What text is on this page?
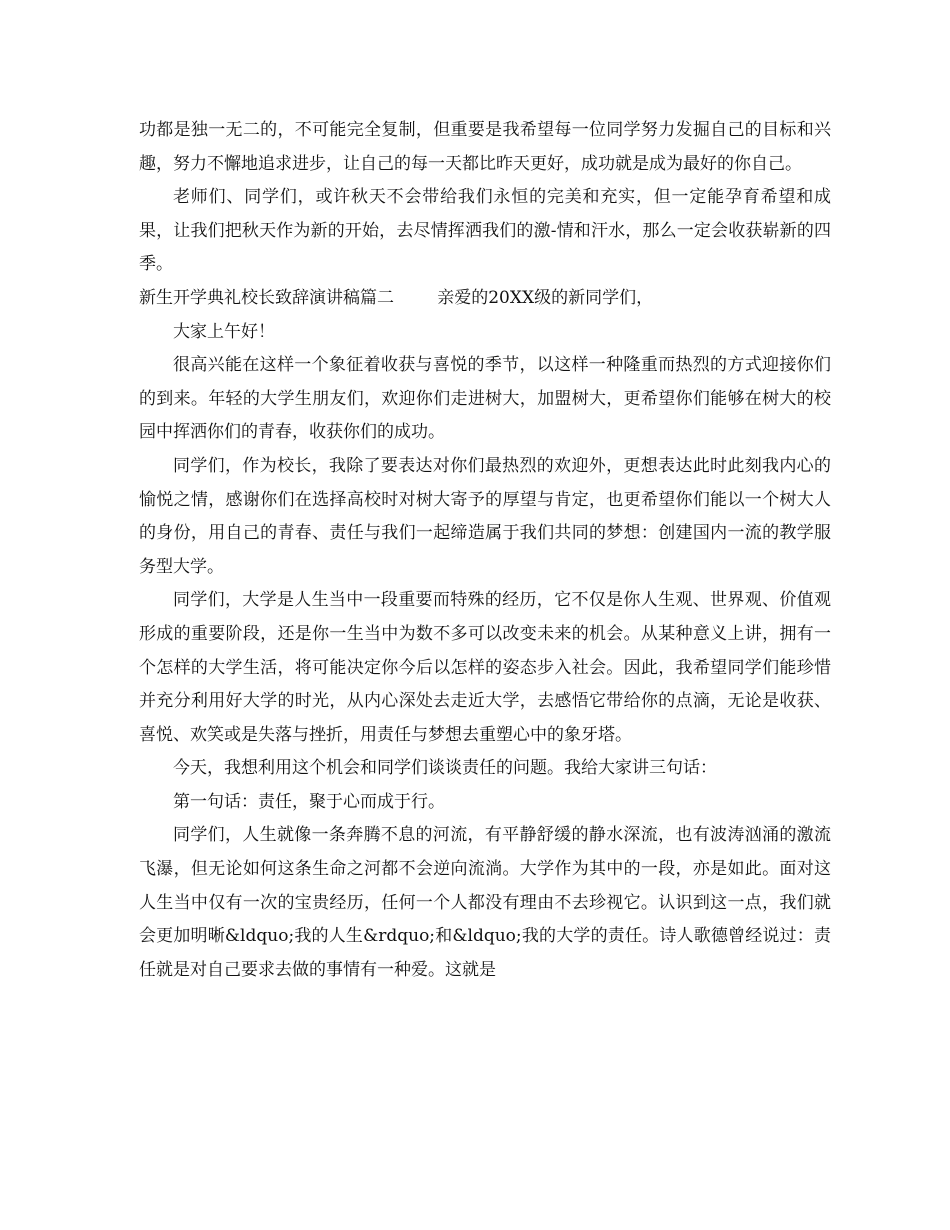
功都是独一无二的，不可能完全复制，但重要是我希望每一位同学努力发掘自己的目标和兴趣，努力不懈地追求进步，让自己的每一天都比昨天更好，成功就是成为最好的你自己。

老师们、同学们，或许秋天不会带给我们永恒的完美和充实，但一定能孕育希望和成果，让我们把秋天作为新的开始，去尽情挥洒我们的激-情和汗水，那么一定会收获崭新的四季。

新生开学典礼校长致辞演讲稿篇二	亲爱的20XX级的新同学们，

大家上午好！

很高兴能在这样一个象征着收获与喜悦的季节，以这样一种隆重而热烈的方式迎接你们的到来。年轻的大学生朋友们，欢迎你们走进树大，加盟树大，更希望你们能够在树大的校园中挥洒你们的青春，收获你们的成功。

同学们，作为校长，我除了要表达对你们最热烈的欢迎外，更想表达此时此刻我内心的愉悦之情，感谢你们在选择高校时对树大寄予的厚望与肯定，也更希望你们能以一个树大人的身份，用自己的青春、责任与我们一起缔造属于我们共同的梦想：创建国内一流的教学服务型大学。

同学们，大学是人生当中一段重要而特殊的经历，它不仅是你人生观、世界观、价值观形成的重要阶段，还是你一生当中为数不多可以改变未来的机会。从某种意义上讲，拥有一个怎样的大学生活，将可能决定你今后以怎样的姿态步入社会。因此，我希望同学们能珍惜并充分利用好大学的时光，从内心深处去走近大学，去感悟它带给你的点滴，无论是收获、喜悦、欢笑或是失落与挫折，用责任与梦想去重塑心中的象牙塔。

今天，我想利用这个机会和同学们谈谈责任的问题。我给大家讲三句话：

第一句话：责任，聚于心而成于行。

同学们，人生就像一条奔腾不息的河流，有平静舒缓的静水深流，也有波涛汹涌的激流飞瀑，但无论如何这条生命之河都不会逆向流淌。大学作为其中的一段，亦是如此。面对这人生当中仅有一次的宝贵经历，任何一个人都没有理由不去珍视它。认识到这一点，我们就会更加明晰&ldquo;我的人生&rdquo;和&ldquo;我的大学的责任。诗人歌德曾经说过：责任就是对自己要求去做的事情有一种爱。这就是
